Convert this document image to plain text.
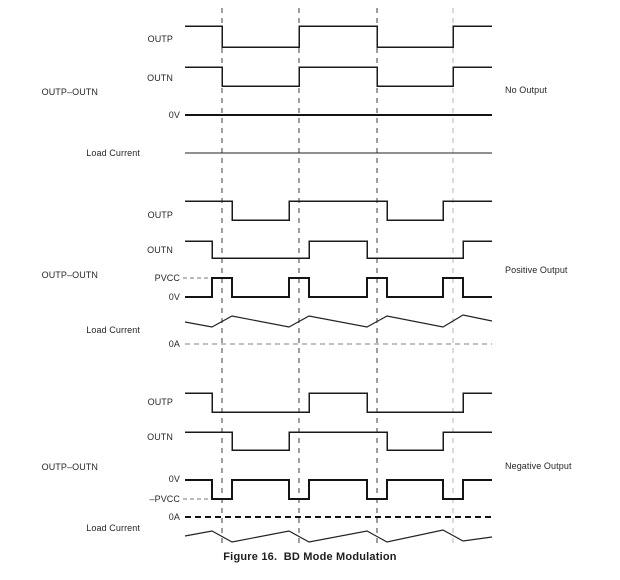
OUTP
OUTN
OUTP–OUTN
0V
Load Current
No Output
OUTP
OUTN
OUTP–OUTN	PVCC
0V
Load Current
0A
Positive Output
OUTP
OUTN
OUTP–OUTN
0V
–PVCC
0A
Load Current
Negative Output
Figure 16.  BD Mode Modulation
